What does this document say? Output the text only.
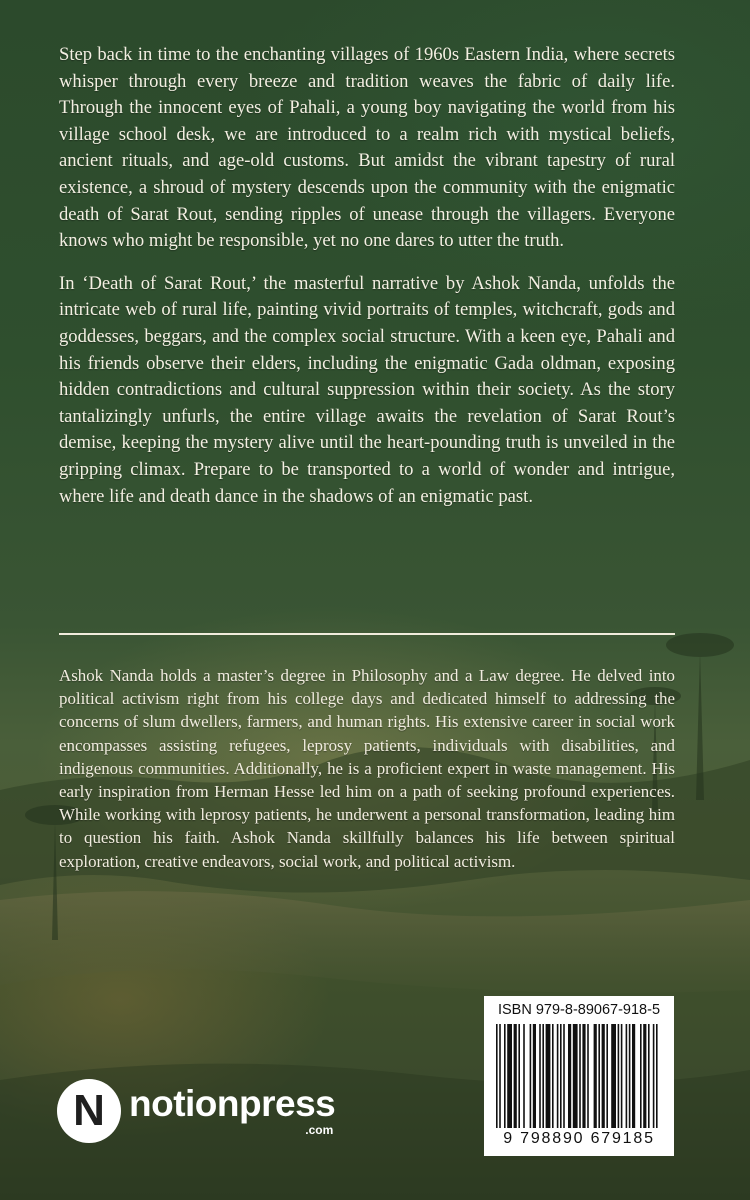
Step back in time to the enchanting villages of 1960s Eastern India, where secrets whisper through every breeze and tradition weaves the fabric of daily life. Through the innocent eyes of Pahali, a young boy navigating the world from his village school desk, we are introduced to a realm rich with mystical beliefs, ancient rituals, and age-old customs. But amidst the vibrant tapestry of rural existence, a shroud of mystery descends upon the community with the enigmatic death of Sarat Rout, sending ripples of unease through the villagers. Everyone knows who might be responsible, yet no one dares to utter the truth.

In ‘Death of Sarat Rout,’ the masterful narrative by Ashok Nanda, unfolds the intricate web of rural life, painting vivid portraits of temples, witchcraft, gods and goddesses, beggars, and the complex social structure. With a keen eye, Pahali and his friends observe their elders, including the enigmatic Gada oldman, exposing hidden contradictions and cultural suppression within their society. As the story tantalizingly unfurls, the entire village awaits the revelation of Sarat Rout’s demise, keeping the mystery alive until the heart-pounding truth is unveiled in the gripping climax. Prepare to be transported to a world of wonder and intrigue, where life and death dance in the shadows of an enigmatic past.

Ashok Nanda holds a master’s degree in Philosophy and a Law degree. He delved into political activism right from his college days and dedicated himself to addressing the concerns of slum dwellers, farmers, and human rights. His extensive career in social work encompasses assisting refugees, leprosy patients, individuals with disabilities, and indigenous communities. Additionally, he is a proficient expert in waste management. His early inspiration from Herman Hesse led him on a path of seeking profound experiences. While working with leprosy patients, he underwent a personal transformation, leading him to question his faith. Ashok Nanda skillfully balances his life between spiritual exploration, creative endeavors, social work, and political activism.

N notionpress
.com
ISBN 979-8-89067-918-5
9 798890 679185
